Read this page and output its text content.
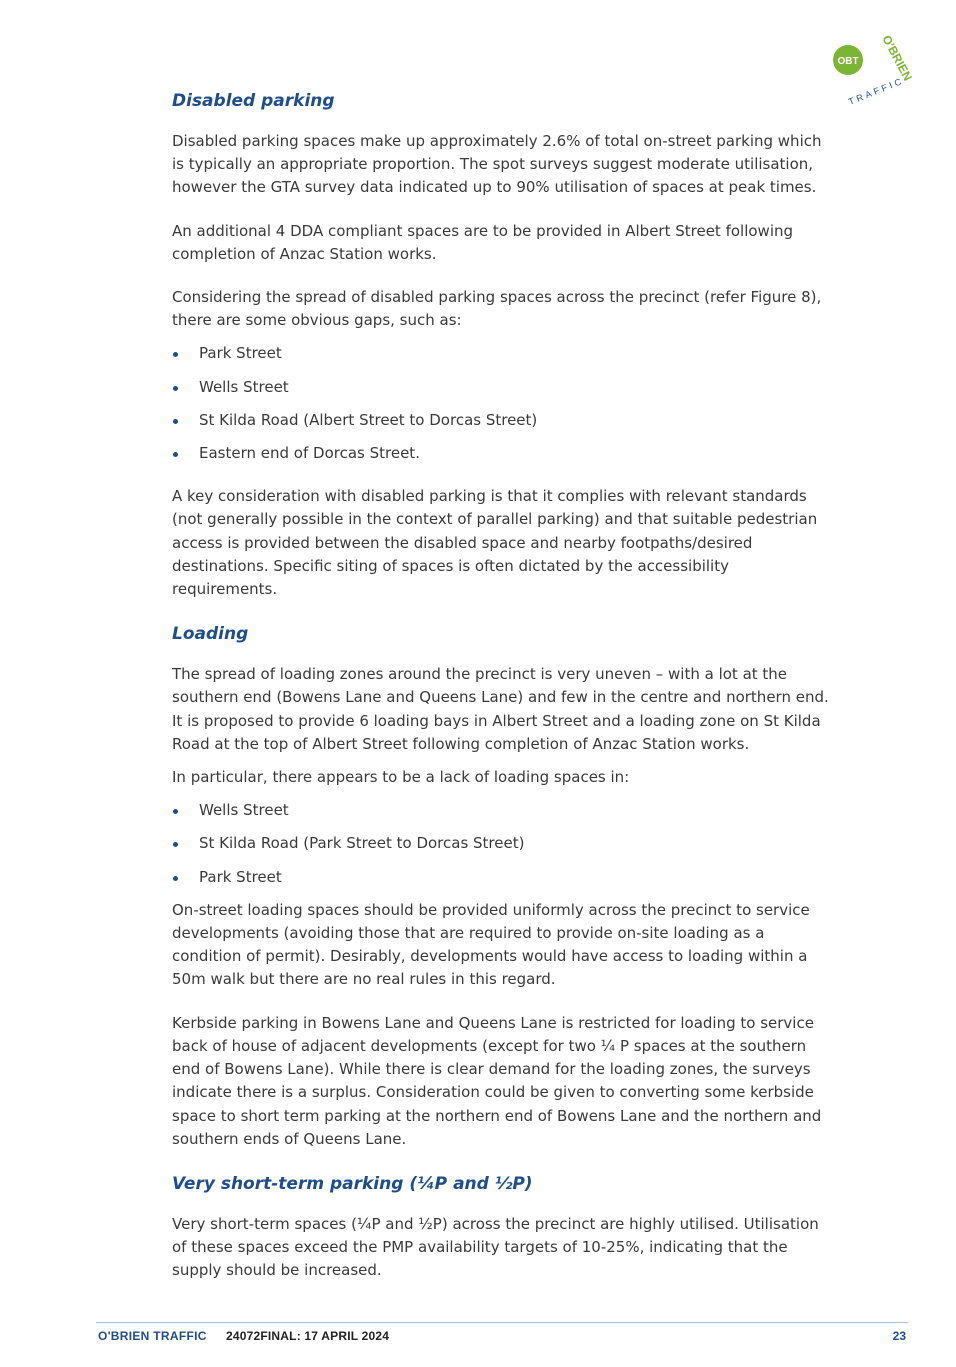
OBT O'BRIEN
TRAFFIC
Disabled parking

Disabled parking spaces make up approximately 2.6% of total on-street parking which is typically an appropriate proportion. The spot surveys suggest moderate utilisation, however the GTA survey data indicated up to 90% utilisation of spaces at peak times.

An additional 4 DDA compliant spaces are to be provided in Albert Street following completion of Anzac Station works.

Considering the spread of disabled parking spaces across the precinct (refer Figure 8), there are some obvious gaps, such as:

Park Street
Wells Street
St Kilda Road (Albert Street to Dorcas Street)
Eastern end of Dorcas Street.

A key consideration with disabled parking is that it complies with relevant standards (not generally possible in the context of parallel parking) and that suitable pedestrian access is provided between the disabled space and nearby footpaths/desired destinations. Specific siting of spaces is often dictated by the accessibility requirements.

Loading

The spread of loading zones around the precinct is very uneven – with a lot at the southern end (Bowens Lane and Queens Lane) and few in the centre and northern end. It is proposed to provide 6 loading bays in Albert Street and a loading zone on St Kilda Road at the top of Albert Street following completion of Anzac Station works.

In particular, there appears to be a lack of loading spaces in:

Wells Street
St Kilda Road (Park Street to Dorcas Street)
Park Street

On-street loading spaces should be provided uniformly across the precinct to service developments (avoiding those that are required to provide on-site loading as a condition of permit). Desirably, developments would have access to loading within a 50m walk but there are no real rules in this regard.

Kerbside parking in Bowens Lane and Queens Lane is restricted for loading to service back of house of adjacent developments (except for two ¼ P spaces at the southern end of Bowens Lane). While there is clear demand for the loading zones, the surveys indicate there is a surplus. Consideration could be given to converting some kerbside space to short term parking at the northern end of Bowens Lane and the northern and southern ends of Queens Lane.

Very short-term parking (¼P and ½P)

Very short-term spaces (¼P and ½P) across the precinct are highly utilised. Utilisation of these spaces exceed the PMP availability targets of 10-25%, indicating that the supply should be increased.

O'BRIEN TRAFFIC 24072FINAL: 17 APRIL 2024	23
